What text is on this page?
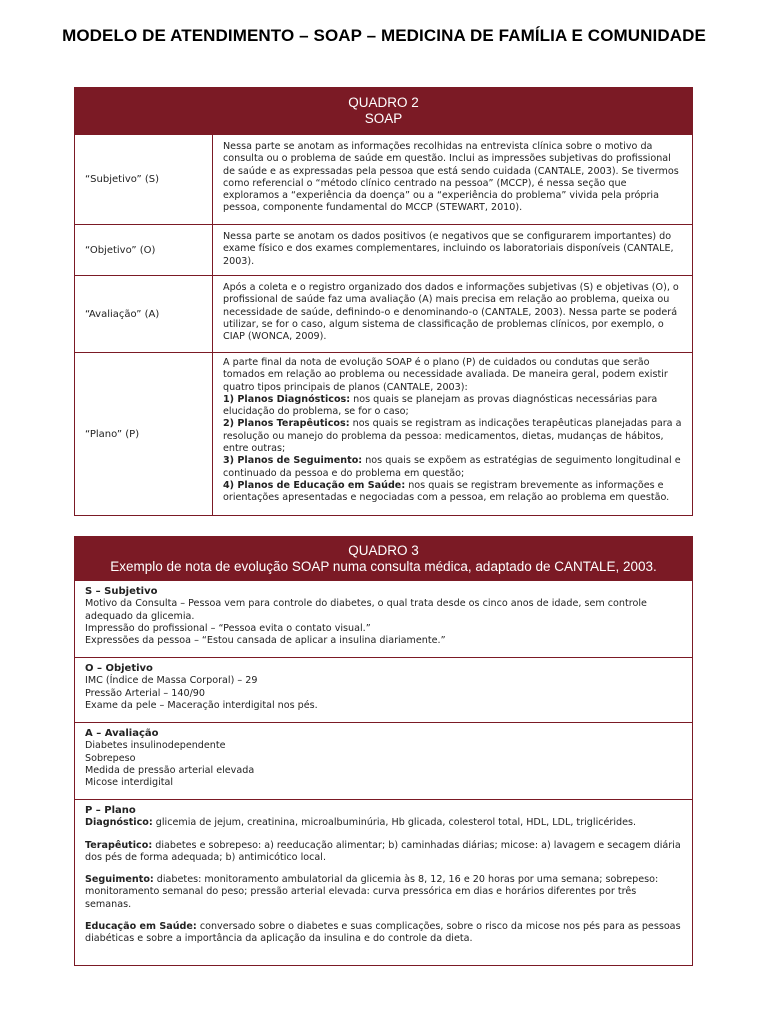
MODELO DE ATENDIMENTO – SOAP – MEDICINA DE FAMÍLIA E COMUNIDADE
QUADRO 2
SOAP
“Subjetivo” (S)

Nessa parte se anotam as informações recolhidas na entrevista clínica sobre o motivo da consulta ou o problema de saúde em questão. Inclui as impressões subjetivas do profissional de saúde e as expressadas pela pessoa que está sendo cuidada (CANTALE, 2003). Se tivermos como referencial o “método clínico centrado na pessoa” (MCCP), é nessa seção que exploramos a “experiência da doença” ou a “experiência do problema” vivida pela própria pessoa, componente fundamental do MCCP (STEWART, 2010).

“Objetivo” (O)

Nessa parte se anotam os dados positivos (e negativos que se configurarem importantes) do exame físico e dos exames complementares, incluindo os laboratoriais disponíveis (CANTALE, 2003).

“Avaliação” (A)

Após a coleta e o registro organizado dos dados e informações subjetivas (S) e objetivas (O), o profissional de saúde faz uma avaliação (A) mais precisa em relação ao problema, queixa ou necessidade de saúde, definindo-o e denominando-o (CANTALE, 2003). Nessa parte se poderá utilizar, se for o caso, algum sistema de classificação de problemas clínicos, por exemplo, o CIAP (WONCA, 2009).

“Plano” (P)

A parte final da nota de evolução SOAP é o plano (P) de cuidados ou condutas que serão tomados em relação ao problema ou necessidade avaliada. De maneira geral, podem existir quatro tipos principais de planos (CANTALE, 2003):

1) Planos Diagnósticos: nos quais se planejam as provas diagnósticas necessárias para elucidação do problema, se for o caso;

2) Planos Terapêuticos: nos quais se registram as indicações terapêuticas planejadas para a resolução ou manejo do problema da pessoa: medicamentos, dietas, mudanças de hábitos, entre outras;

3) Planos de Seguimento: nos quais se expõem as estratégias de seguimento longitudinal e continuado da pessoa e do problema em questão;

4) Planos de Educação em Saúde: nos quais se registram brevemente as informações e orientações apresentadas e negociadas com a pessoa, em relação ao problema em questão.

QUADRO 3
Exemplo de nota de evolução SOAP numa consulta médica, adaptado de CANTALE, 2003.

S – Subjetivo

Motivo da Consulta – Pessoa vem para controle do diabetes, o qual trata desde os cinco anos de idade, sem controle adequado da glicemia.

Impressão do profissional – “Pessoa evita o contato visual.”

Expressões da pessoa – “Estou cansada de aplicar a insulina diariamente.”

O – Objetivo

IMC (Índice de Massa Corporal) – 29

Pressão Arterial – 140/90

Exame da pele – Maceração interdigital nos pés.

A – Avaliação

Diabetes insulinodependente

Sobrepeso

Medida de pressão arterial elevada

Micose interdigital

P – Plano

Diagnóstico: glicemia de jejum, creatinina, microalbuminúria, Hb glicada, colesterol total, HDL, LDL, triglicérides.

Terapêutico: diabetes e sobrepeso: a) reeducação alimentar; b) caminhadas diárias; micose: a) lavagem e secagem diária dos pés de forma adequada; b) antimicótico local.

Seguimento: diabetes: monitoramento ambulatorial da glicemia às 8, 12, 16 e 20 horas por uma semana; sobrepeso: monitoramento semanal do peso; pressão arterial elevada: curva pressórica em dias e horários diferentes por três semanas.

Educação em Saúde: conversado sobre o diabetes e suas complicações, sobre o risco da micose nos pés para as pessoas diabéticas e sobre a importância da aplicação da insulina e do controle da dieta.
